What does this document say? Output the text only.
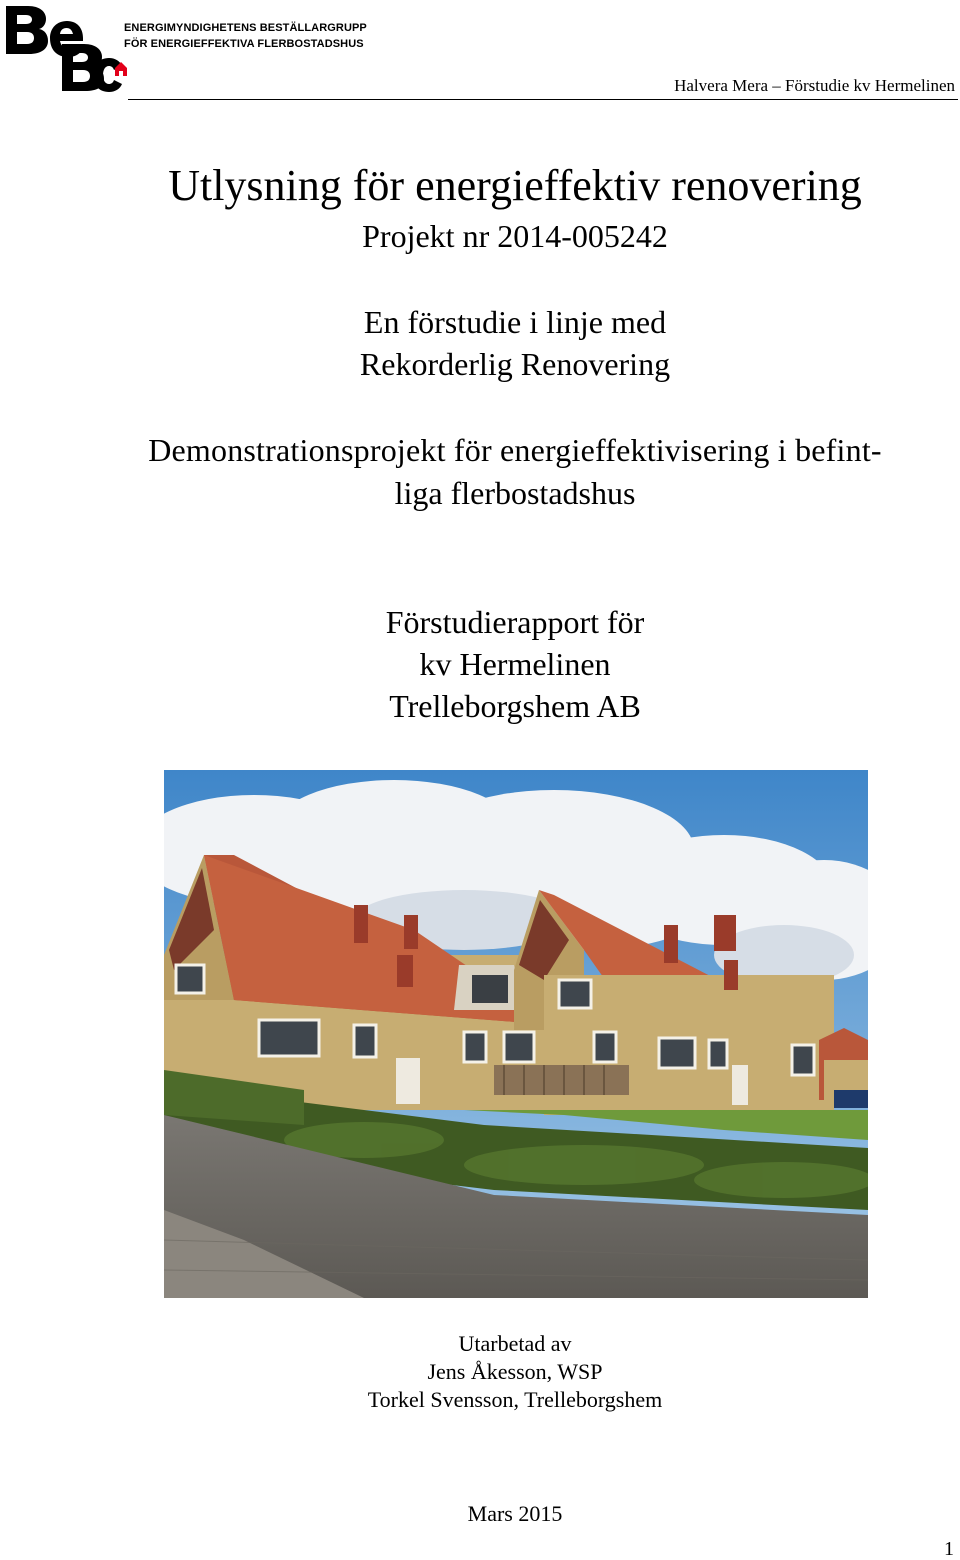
ENERGIMYNDIGHETENS BESTÄLLARGRUPP
FÖR ENERGIEFFEKTIVA FLERBOSTADSHUS
Halvera Mera – Förstudie kv Hermelinen
Utlysning för energieffektiv renovering
Projekt nr 2014-005242
En förstudie i linje med
Rekorderlig Renovering
Demonstrationsprojekt för energieffektivisering i befint-
liga flerbostadshus
Förstudierapport för
kv Hermelinen
Trelleborgshem AB
Utarbetad av
Jens Åkesson, WSP
Torkel Svensson, Trelleborgshem
Mars 2015
1
